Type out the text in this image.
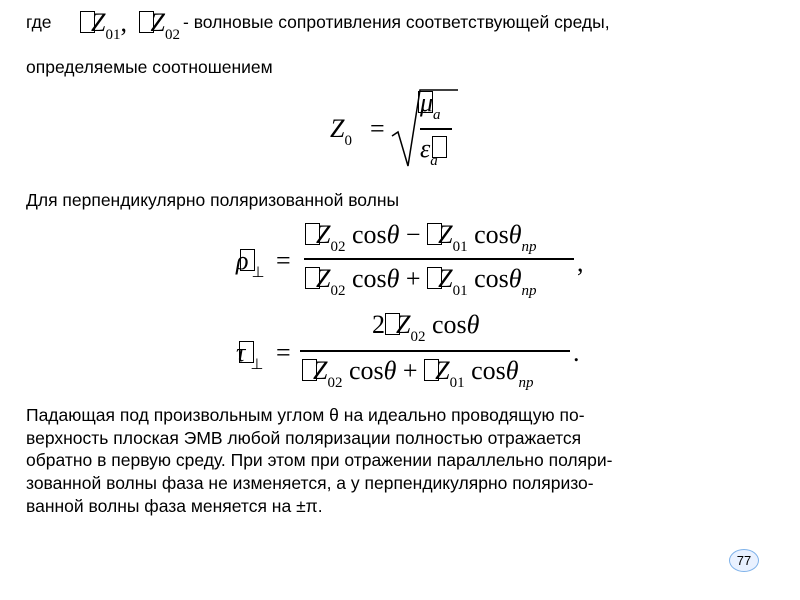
где	$Z_{01}$, $Z_{02}$
- волновые сопротивления соответствующей среды,
определяемые соотношением
$Z_0$ =
μ $_a$
$\varepsilon_a$
Для перпендикулярно поляризованной волны
ρ $_\perp$ =
$Z_{02}$ $\cos\theta - Z_{01}$ cosθ$_{np}$
$Z_{02}$ $\cos\theta + Z_{01}$ cosθ$_{np}$
,
τ $_\perp$ =
2 $Z_{02}$ cosθ
$Z_{02}$ $\cos\theta + Z_{01}$ cosθ$_{np}$
.
Падающая под произвольным углом θ на идеально проводящую по-
верхность плоская ЭМВ любой поляризации полностью отражается
обратно в первую среду. При этом при отражении параллельно поляри-
зованной волны фаза не изменяется, а у перпендикулярно поляризо-
ванной волны фаза меняется на ±π.
77
